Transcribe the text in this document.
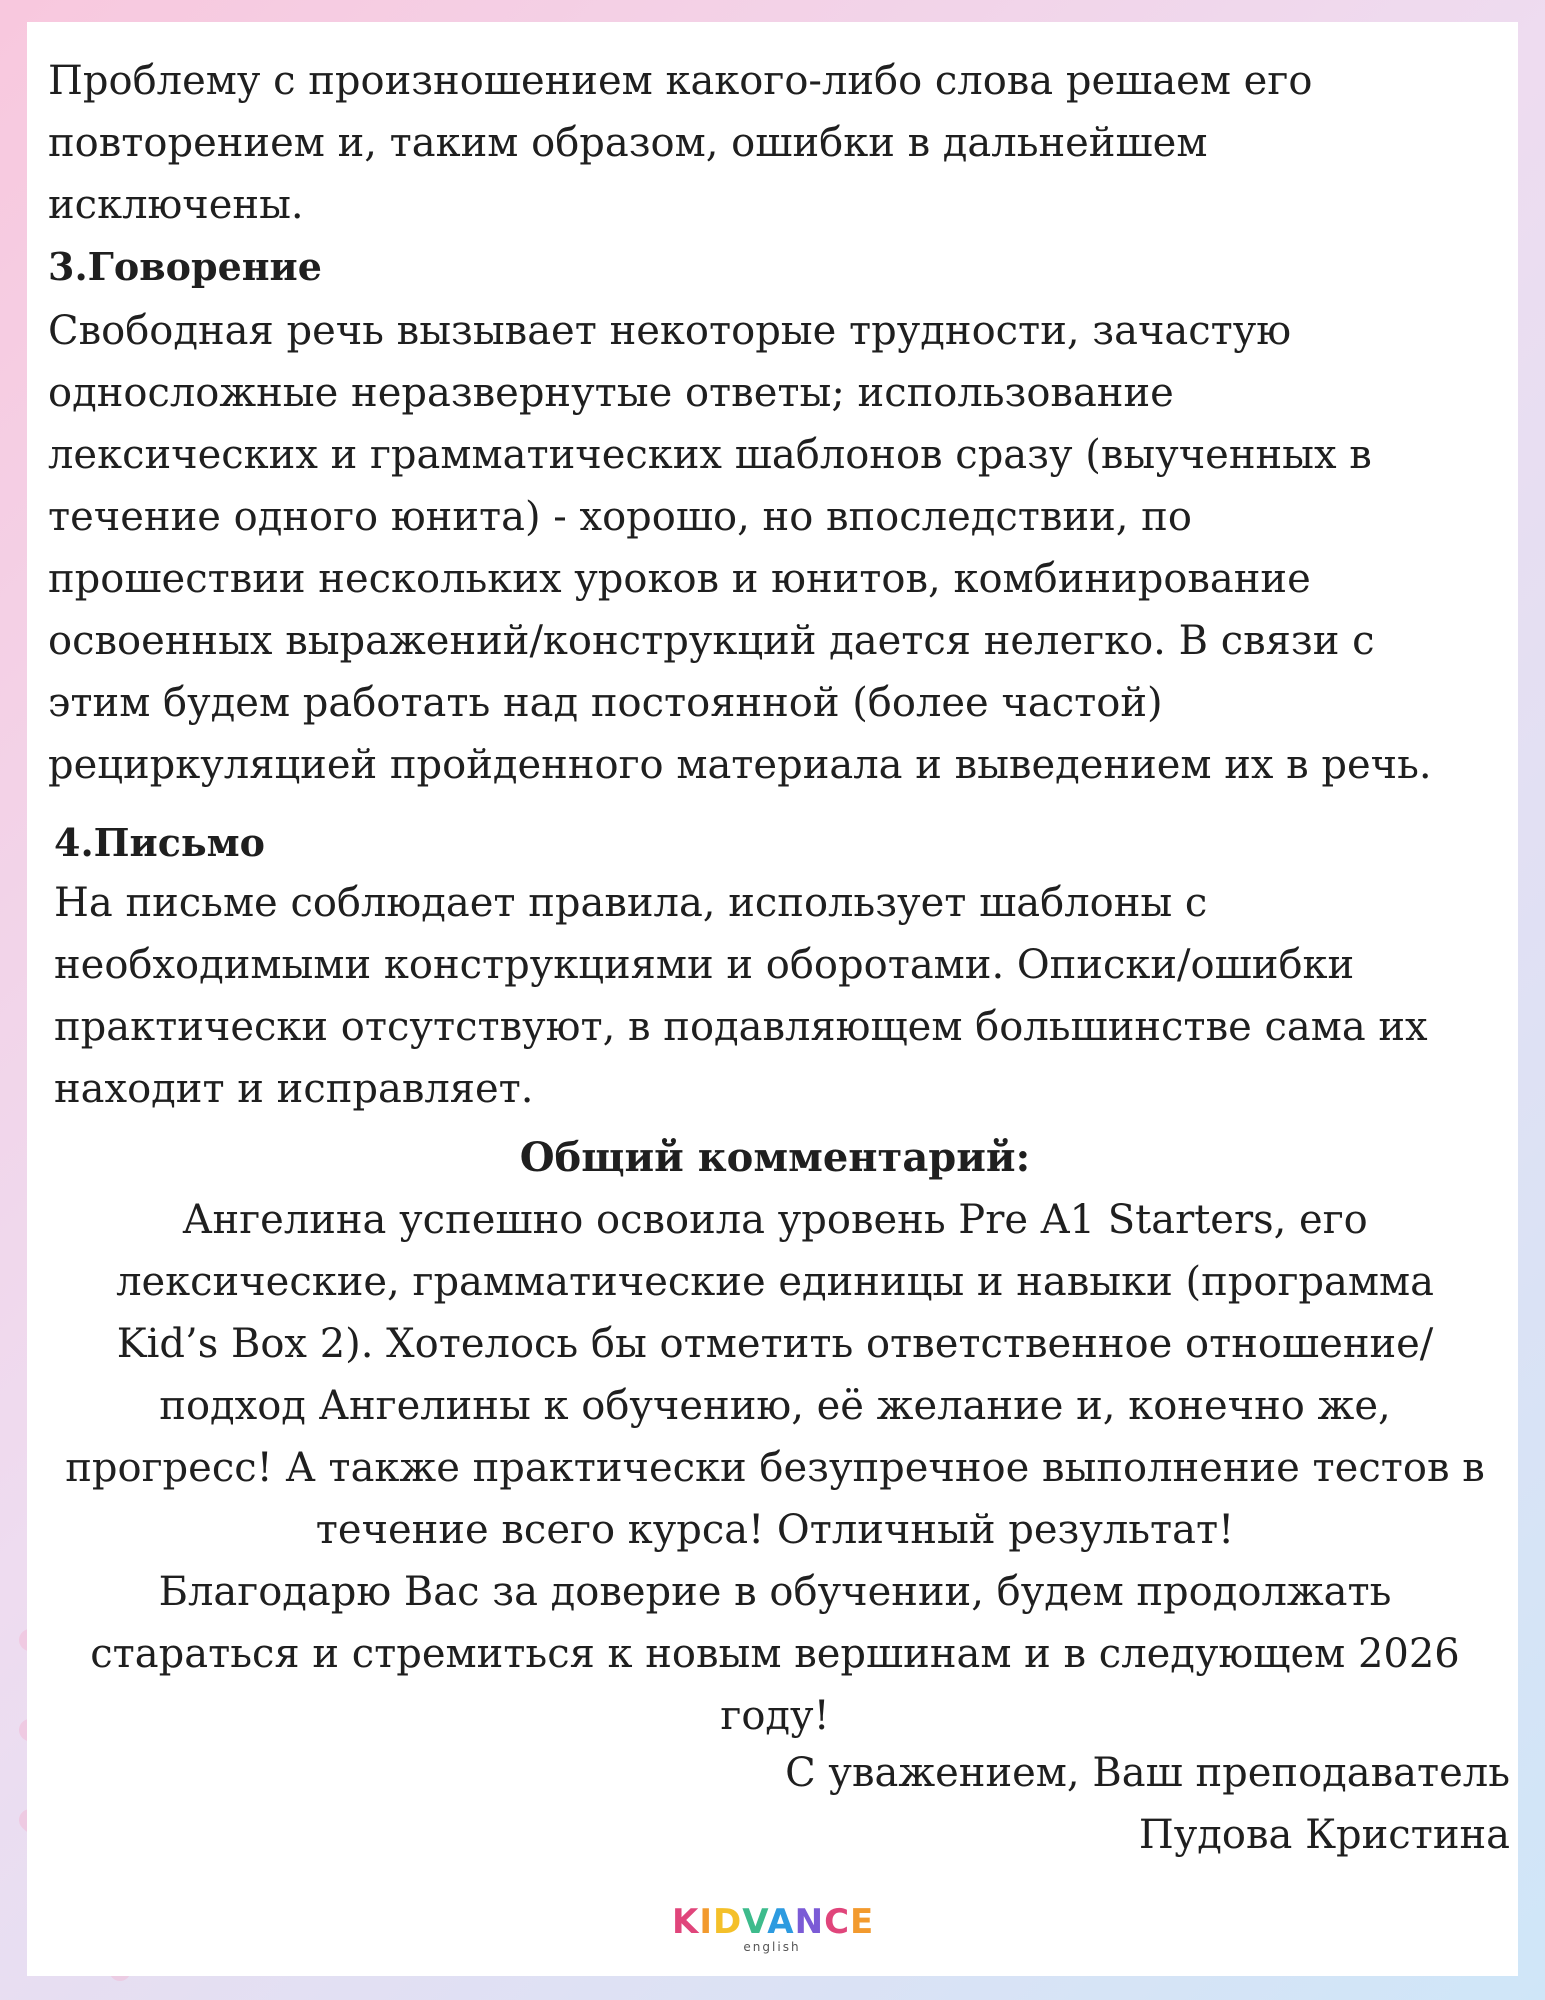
Проблему с произношением какого-либо слова решаем его

повторением и, таким образом, ошибки в дальнейшем

исключены.

3.Говорение

Свободная речь вызывает некоторые трудности, зачастую

односложные неразвернутые ответы; использование

лексических и грамматических шаблонов сразу (выученных в

течение одного юнита) - хорошо, но впоследствии, по

прошествии нескольких уроков и юнитов, комбинирование

освоенных выражений/конструкций дается нелегко. В связи с

этим будем работать над постоянной (более частой)

рециркуляцией пройденного материала и выведением их в речь.

4.Письмо

На письме соблюдает правила, использует шаблоны с

необходимыми конструкциями и оборотами. Описки/ошибки

практически отсутствуют, в подавляющем большинстве сама их

находит и исправляет.

Общий комментарий:

Ангелина успешно освоила уровень Pre A1 Starters, его

лексические, грамматические единицы и навыки (программа

Kid’s Box 2). Хотелось бы отметить ответственное отношение/

подход Ангелины к обучению, её желание и, конечно же,

прогресс! А также практически безупречное выполнение тестов в

течение всего курса! Отличный результат!

Благодарю Вас за доверие в обучении, будем продолжать

стараться и стремиться к новым вершинам и в следующем 2026

году!

С уважением, Ваш преподаватель

Пудова Кристина

KIDVANCE
english
